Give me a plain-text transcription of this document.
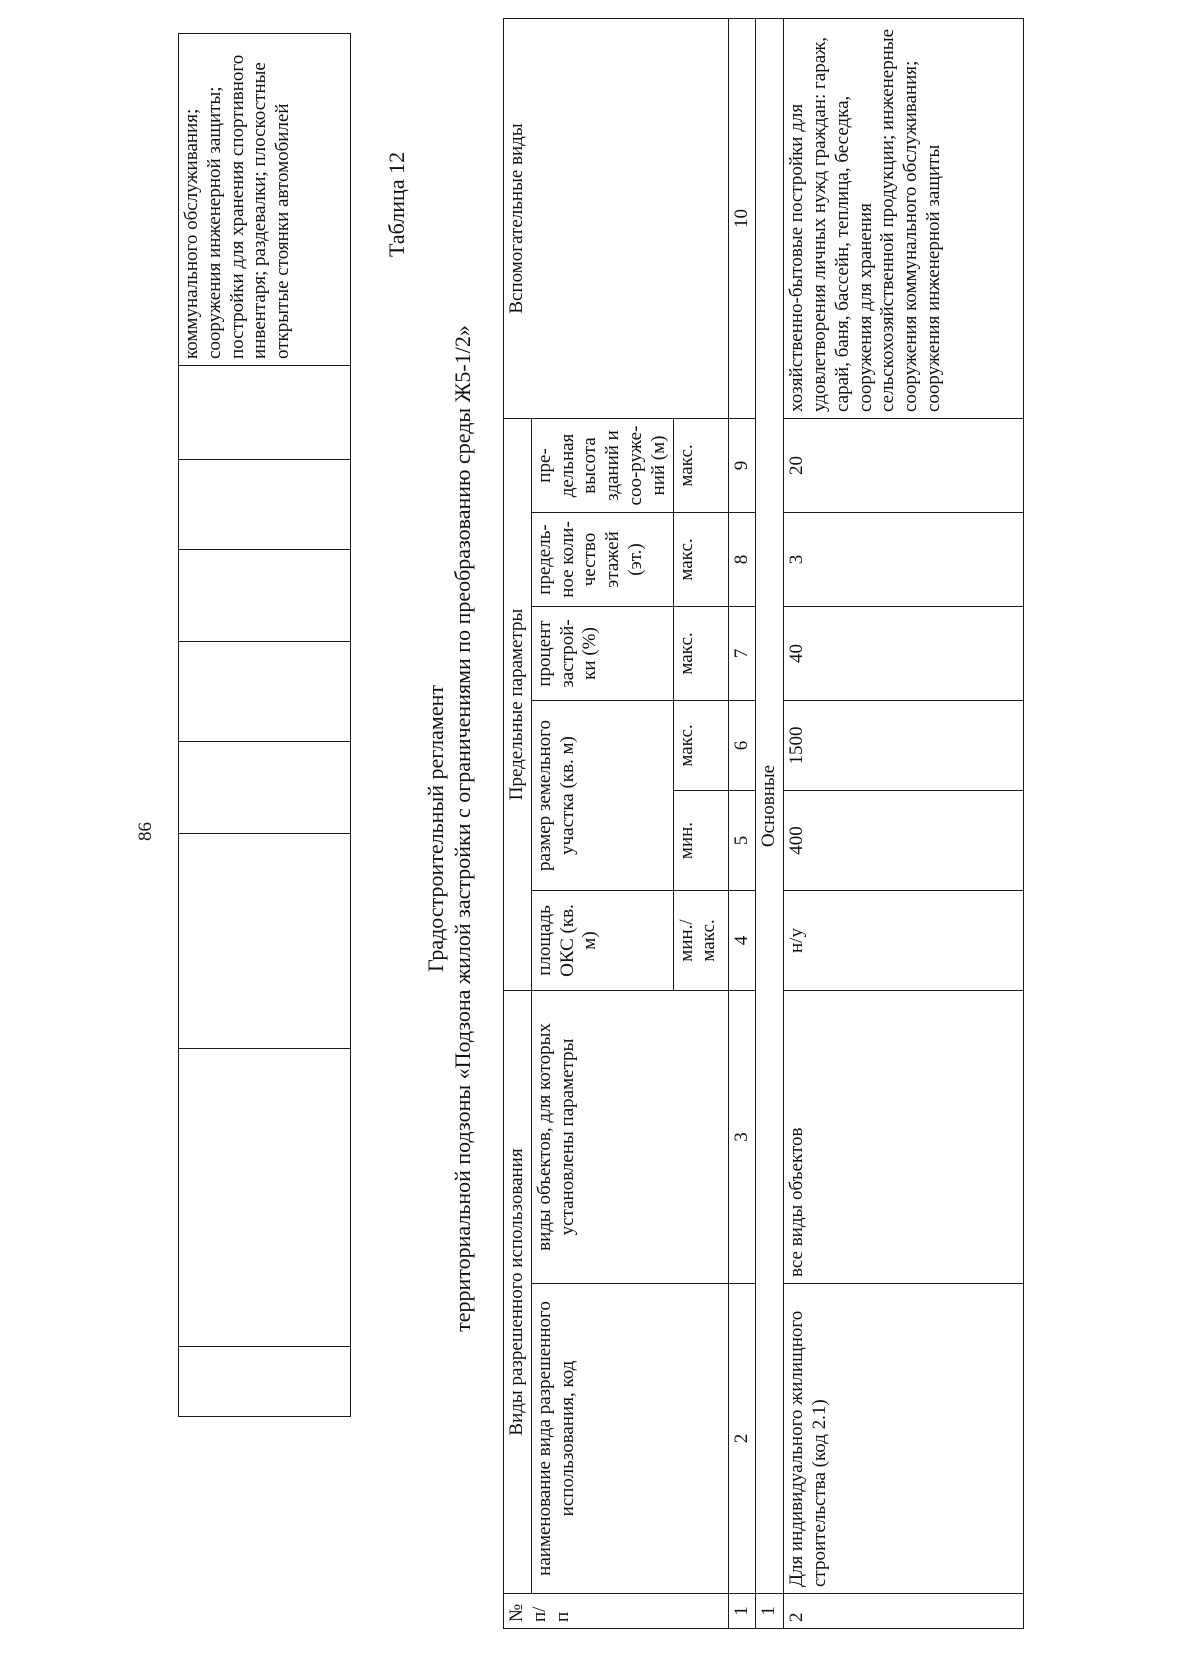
								коммунального обслуживания; сооружения инженерной защиты; постройки для хранения спортивного инвентаря; раздевалки; плоскостные открытые стоянки автомобилей
86
Таблица 12
Градостроительный регламент территориальной подзоны «Подзона жилой застройки с ограничениями по преобразованию среды Ж5-1/2»
№ п/п	Виды разрешенного использования		Предельные параметры						Вспомогательные виды
	наименование вида разрешенного использования, код	виды объектов, для которых установлены параметры	площадь ОКС (кв. м)	размер земельного участка (кв. м)		процент застрой-ки (%)	предель-ное коли-чество этажей (эт.)	пре-дельная высота зданий и соо-руже-ний (м)	
			мин./ макс.	мин.	макс.	макс.	макс.	макс.	
1	2	3	4	5	6	7	8	9	10
1	Основные								
2	Для индивидуального жилищного строительства (код 2.1)	все виды объектов	н/у	400	1500	40	3	20	хозяйственно-бытовые постройки для удовлетворения личных нужд граждан: гараж, сарай, баня, бассейн, теплица, беседка, сооружения для хранения сельскохозяйственной продукции; инженерные сооружения коммунального обслуживания; сооружения инженерной защиты
